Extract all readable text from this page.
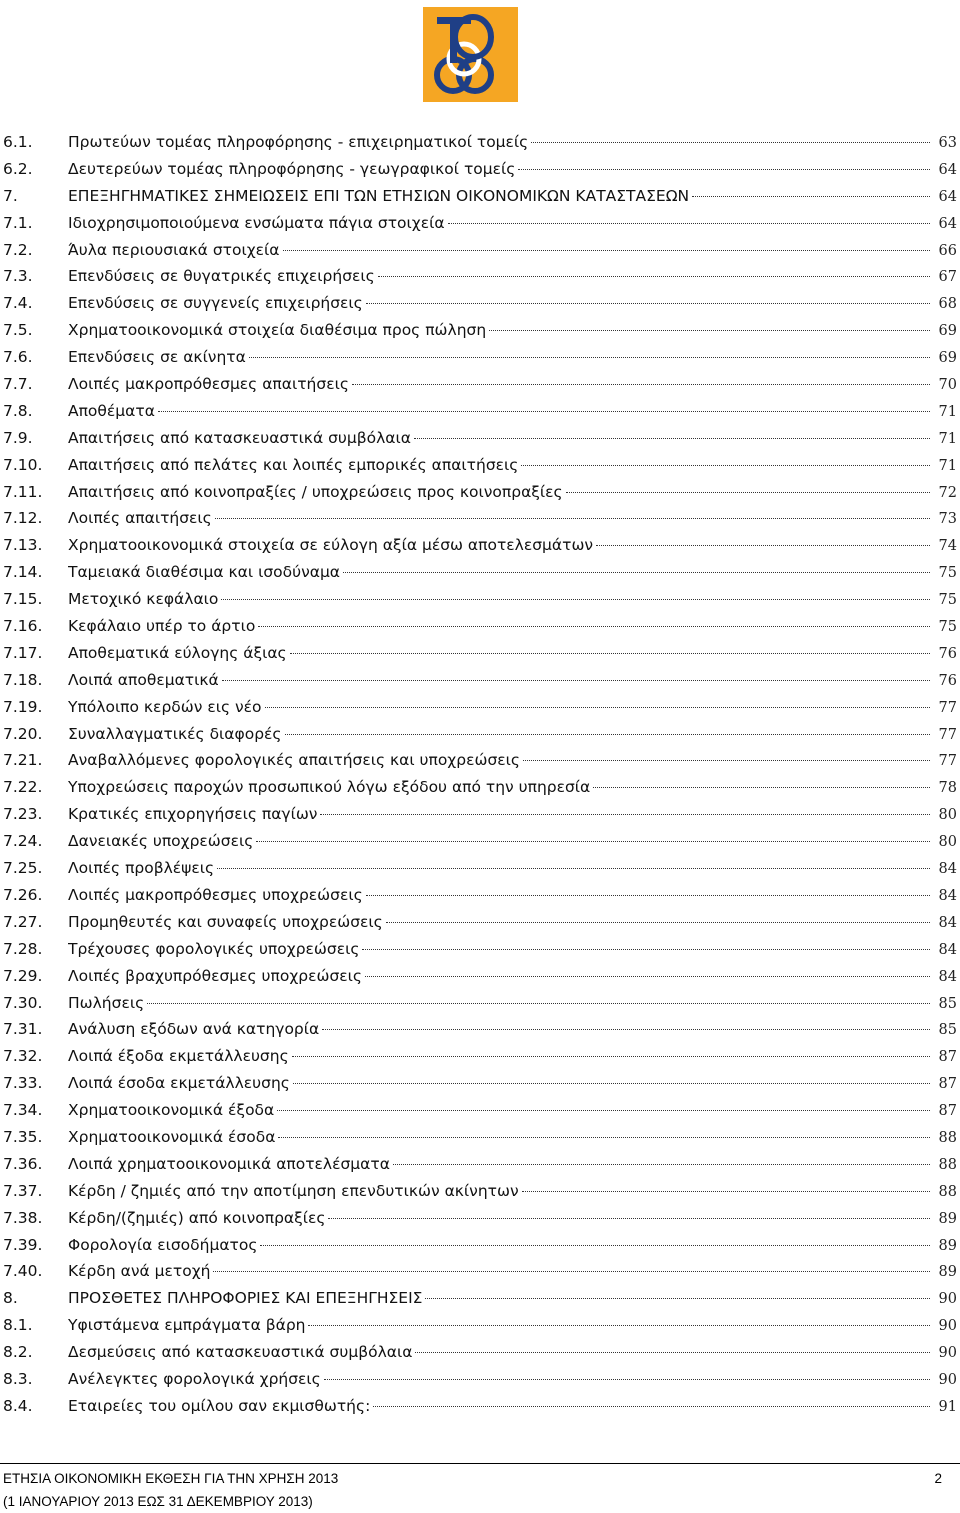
6.1.	Πρωτεύων τομέας πληροφόρησης - επιχειρηματικοί τομείς	63
6.2.	Δευτερεύων τομέας πληροφόρησης - γεωγραφικοί τομείς	64
7.	ΕΠΕΞΗΓΗΜΑΤΙΚΕΣ ΣΗΜΕΙΩΣΕΙΣ ΕΠΙ ΤΩΝ ΕΤΗΣΙΩΝ ΟΙΚΟΝΟΜΙΚΩΝ ΚΑΤΑΣΤΑΣΕΩΝ	64
7.1.	Ιδιοχρησιμοποιούμενα ενσώματα πάγια στοιχεία	64
7.2.	Άυλα περιουσιακά στοιχεία	66
7.3.	Επενδύσεις σε θυγατρικές επιχειρήσεις	67
7.4.	Επενδύσεις σε συγγενείς επιχειρήσεις	68
7.5.	Χρηματοοικονομικά στοιχεία διαθέσιμα προς πώληση	69
7.6.	Επενδύσεις σε ακίνητα	69
7.7.	Λοιπές μακροπρόθεσμες απαιτήσεις	70
7.8.	Αποθέματα	71
7.9.	Απαιτήσεις από κατασκευαστικά συμβόλαια	71
7.10.	Απαιτήσεις από πελάτες και λοιπές εμπορικές απαιτήσεις	71
7.11.	Απαιτήσεις από κοινοπραξίες / υποχρεώσεις προς κοινοπραξίες	72
7.12.	Λοιπές απαιτήσεις	73
7.13.	Χρηματοοικονομικά στοιχεία σε εύλογη αξία μέσω αποτελεσμάτων	74
7.14.	Ταμειακά διαθέσιμα και ισοδύναμα	75
7.15.	Μετοχικό κεφάλαιο	75
7.16.	Κεφάλαιο υπέρ το άρτιο	75
7.17.	Αποθεματικά εύλογης άξιας	76
7.18.	Λοιπά αποθεματικά	76
7.19.	Υπόλοιπο κερδών εις νέο	77
7.20.	Συναλλαγματικές διαφορές	77
7.21.	Αναβαλλόμενες φορολογικές απαιτήσεις και υποχρεώσεις	77
7.22.	Υποχρεώσεις παροχών προσωπικού λόγω εξόδου από την υπηρεσία	78
7.23.	Κρατικές επιχορηγήσεις παγίων	80
7.24.	Δανειακές υποχρεώσεις	80
7.25.	Λοιπές προβλέψεις	84
7.26.	Λοιπές μακροπρόθεσμες υποχρεώσεις	84
7.27.	Προμηθευτές και συναφείς υποχρεώσεις	84
7.28.	Τρέχουσες φορολογικές υποχρεώσεις	84
7.29.	Λοιπές βραχυπρόθεσμες υποχρεώσεις	84
7.30.	Πωλήσεις	85
7.31.	Ανάλυση εξόδων ανά κατηγορία	85
7.32.	Λοιπά έξοδα εκμετάλλευσης	87
7.33.	Λοιπά έσοδα εκμετάλλευσης	87
7.34.	Χρηματοοικονομικά έξοδα	87
7.35.	Χρηματοοικονομικά έσοδα	88
7.36.	Λοιπά χρηματοοικονομικά αποτελέσματα	88
7.37.	Κέρδη / ζημιές από την αποτίμηση επενδυτικών ακίνητων	88
7.38.	Κέρδη/(ζημιές) από κοινοπραξίες	89
7.39.	Φορολογία εισοδήματος	89
7.40.	Κέρδη ανά μετοχή	89
8.	ΠΡΟΣΘΕΤΕΣ ΠΛΗΡΟΦΟΡΙΕΣ ΚΑΙ ΕΠΕΞΗΓΗΣΕΙΣ	90
8.1.	Υφιστάμενα εμπράγματα βάρη	90
8.2.	Δεσμεύσεις από κατασκευαστικά συμβόλαια	90
8.3.	Ανέλεγκτες φορολογικά χρήσεις	90
8.4.	Εταιρείες του ομίλου σαν εκμισθωτής:	91
ΕΤΗΣΙΑ ΟΙΚΟΝΟΜΙΚΗ ΕΚΘΕΣΗ ΓΙΑ ΤΗΝ ΧΡΗΣΗ 2013
(1 ΙΑΝΟΥΑΡΙΟΥ 2013 ΕΩΣ 31 ΔΕΚΕΜΒΡΙΟΥ 2013)
2
